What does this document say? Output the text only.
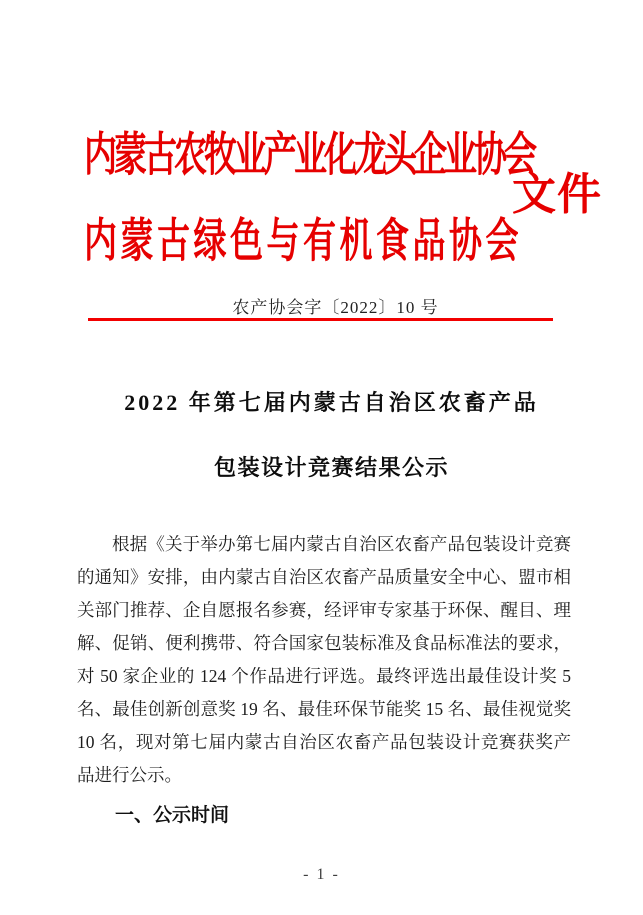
内蒙古农牧业产业化龙头企业协会
内蒙古绿色与有机食品协会
文件
农产协会字〔2022〕10 号
2022 年第七届内蒙古自治区农畜产品
包装设计竞赛结果公示
根据《关于举办第七届内蒙古自治区农畜产品包装设计竞赛的通知》安排，由内蒙古自治区农畜产品质量安全中心、盟市相关部门推荐、企自愿报名参赛，经评审专家基于环保、醒目、理解、促销、便利携带、符合国家包装标准及食品标准法的要求，对 50 家企业的 124 个作品进行评选。最终评选出最佳设计奖 5 名、最佳创新创意奖 19 名、最佳环保节能奖 15 名、最佳视觉奖 10 名，现对第七届内蒙古自治区农畜产品包装设计竞赛获奖产品进行公示。
一、公示时间
- 1 -
